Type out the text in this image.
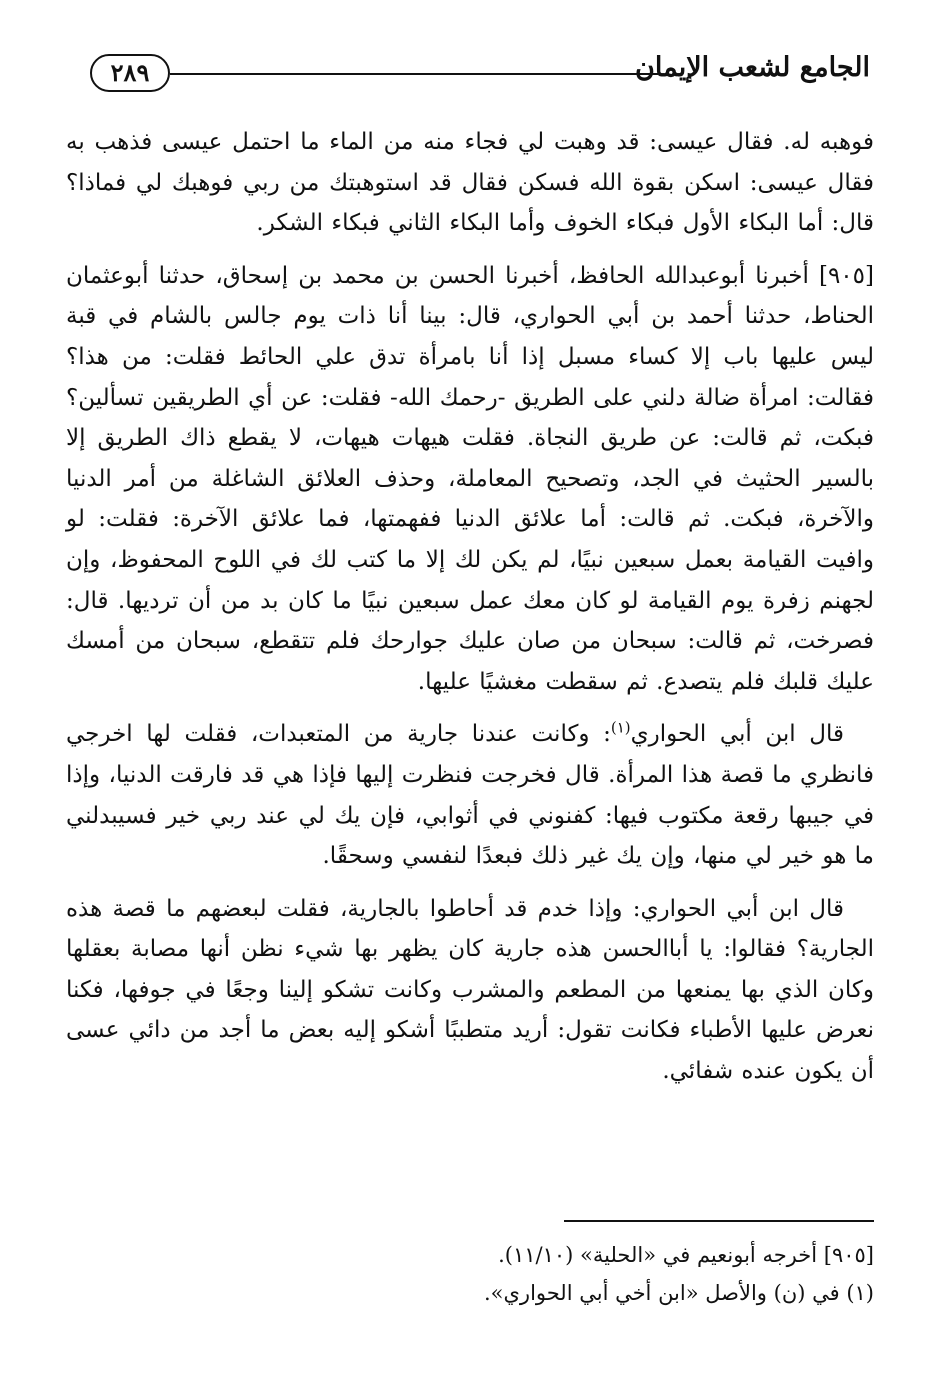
الجامع لشعب الإيمان
٢٨٩

فوهبه له. فقال عيسى: قد وهبت لي فجاء منه من الماء ما احتمل عيسى فذهب به فقال عيسى: اسكن بقوة الله فسكن فقال قد استوهبتك من ربي فوهبك لي فماذا؟ قال: أما البكاء الأول فبكاء الخوف وأما البكاء الثاني فبكاء الشكر.

[٩٠٥] أخبرنا أبوعبدالله الحافظ، أخبرنا الحسن بن محمد بن إسحاق، حدثنا أبوعثمان الحناط، حدثنا أحمد بن أبي الحواري، قال: بينا أنا ذات يوم جالس بالشام في قبة ليس عليها باب إلا كساء مسبل إذا أنا بامرأة تدق علي الحائط فقلت: من هذا؟ فقالت: امرأة ضالة دلني على الطريق -رحمك الله- فقلت: عن أي الطريقين تسألين؟ فبكت، ثم قالت: عن طريق النجاة. فقلت هيهات هيهات، لا يقطع ذاك الطريق إلا بالسير الحثيث في الجد، وتصحيح المعاملة، وحذف العلائق الشاغلة من أمر الدنيا والآخرة، فبكت. ثم قالت: أما علائق الدنيا ففهمتها، فما علائق الآخرة: فقلت: لو وافيت القيامة بعمل سبعين نبيًا، لم يكن لك إلا ما كتب لك في اللوح المحفوظ، وإن لجهنم زفرة يوم القيامة لو كان معك عمل سبعين نبيًا ما كان بد من أن ترديها. قال: فصرخت، ثم قالت: سبحان من صان عليك جوارحك فلم تتقطع، سبحان من أمسك عليك قلبك فلم يتصدع. ثم سقطت مغشيًا عليها.

قال ابن أبي الحواري$^{(١)}$: وكانت عندنا جارية من المتعبدات، فقلت لها اخرجي فانظري ما قصة هذا المرأة. قال فخرجت فنظرت إليها فإذا هي قد فارقت الدنيا، وإذا في جيبها رقعة مكتوب فيها: كفنوني في أثوابي، فإن يك لي عند ربي خير فسيبدلني ما هو خير لي منها، وإن يك غير ذلك فبعدًا لنفسي وسحقًا.

قال ابن أبي الحواري: وإذا خدم قد أحاطوا بالجارية، فقلت لبعضهم ما قصة هذه الجارية؟ فقالوا: يا أباالحسن هذه جارية كان يظهر بها شيء نظن أنها مصابة بعقلها وكان الذي بها يمنعها من المطعم والمشرب وكانت تشكو إلينا وجعًا في جوفها، فكنا نعرض عليها الأطباء فكانت تقول: أريد متطببًا أشكو إليه بعض ما أجد من دائي عسى أن يكون عنده شفائي.

[٩٠٥] أخرجه أبونعيم في «الحلية» (١١/١٠).

(١) في (ن) والأصل «ابن أخي أبي الحواري».
